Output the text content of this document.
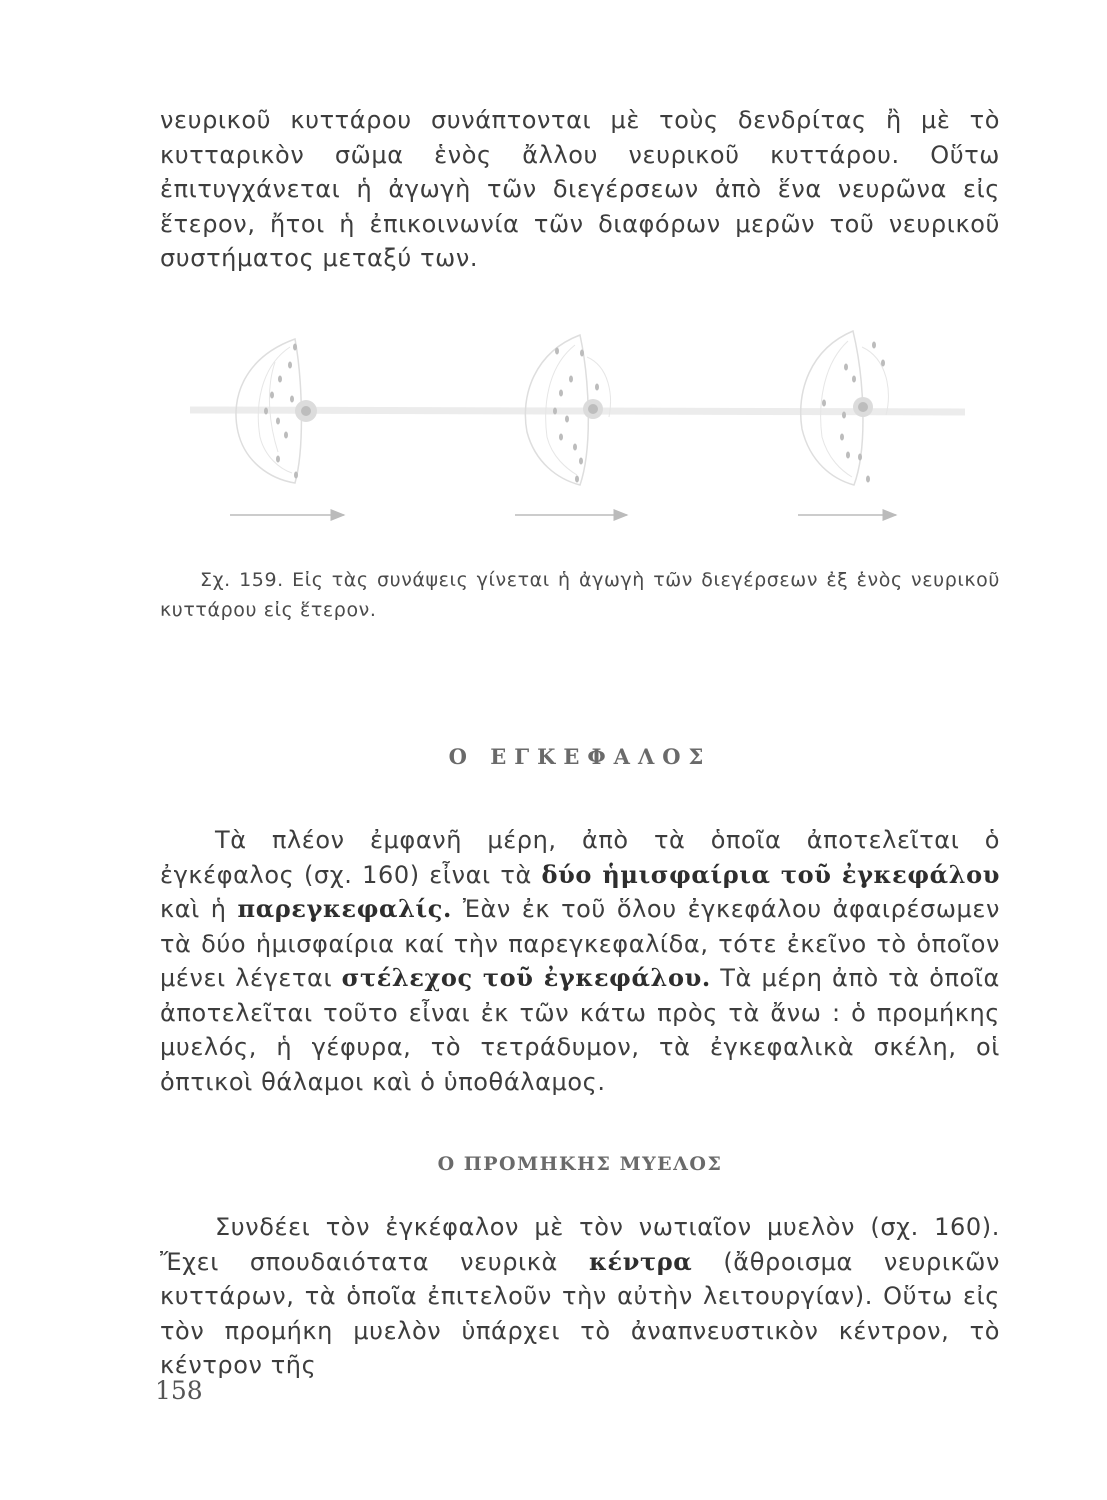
νευρικοῦ κυττάρου συνάπτονται μὲ τοὺς δενδρίτας ἢ μὲ τὸ κυτταρικὸν σῶμα ἑνὸς ἄλλου νευρικοῦ κυττάρου. Οὕτω ἐπιτυγχάνεται ἡ ἀγωγὴ τῶν διεγέρσεων ἀπὸ ἕνα νευρῶνα εἰς ἕτερον, ἤτοι ἡ ἐπικοινωνία τῶν διαφόρων μερῶν τοῦ νευρικοῦ συστήματος μεταξύ των.

Σχ. 159. Εἰς τὰς συνάψεις γίνεται ἡ ἀγωγὴ τῶν διεγέρσεων ἐξ ἑνὸς νευρικοῦ κυττάρου εἰς ἕτερον.

Ο ΕΓΚΕΦΑΛΟΣ

Τὰ πλέον ἐμφανῆ μέρη, ἀπὸ τὰ ὁποῖα ἀποτελεῖται ὁ ἐγκέφαλος (σχ. 160) εἶναι τὰ δύο ἡμισφαίρια τοῦ ἐγκεφάλου καὶ ἡ παρεγκεφαλίς. Ἐὰν ἐκ τοῦ ὅλου ἐγκεφάλου ἀφαιρέσωμεν τὰ δύο ἡμισφαίρια καί τὴν παρεγκεφαλίδα, τότε ἐκεῖνο τὸ ὁποῖον μένει λέγεται στέλεχος τοῦ ἐγκεφάλου. Τὰ μέρη ἀπὸ τὰ ὁποῖα ἀποτελεῖται τοῦτο εἶναι ἐκ τῶν κάτω πρὸς τὰ ἄνω : ὁ προμήκης μυελός, ἡ γέφυρα, τὸ τετράδυμον, τὰ ἐγκεφαλικὰ σκέλη, οἱ ὀπτικοὶ θάλαμοι καὶ ὁ ὑποθάλαμος.

Ο ΠΡΟΜΗΚΗΣ ΜΥΕΛΟΣ

Συνδέει τὸν ἐγκέφαλον μὲ τὸν νωτιαῖον μυελὸν (σχ. 160). Ἔχει σπουδαιότατα νευρικὰ κέντρα (ἄθροισμα νευρικῶν κυττάρων, τὰ ὁποῖα ἐπιτελοῦν τὴν αὐτὴν λειτουργίαν). Οὕτω εἰς τὸν προμήκη μυελὸν ὑπάρχει τὸ ἀναπνευστικὸν κέντρον, τὸ κέντρον τῆς

158
